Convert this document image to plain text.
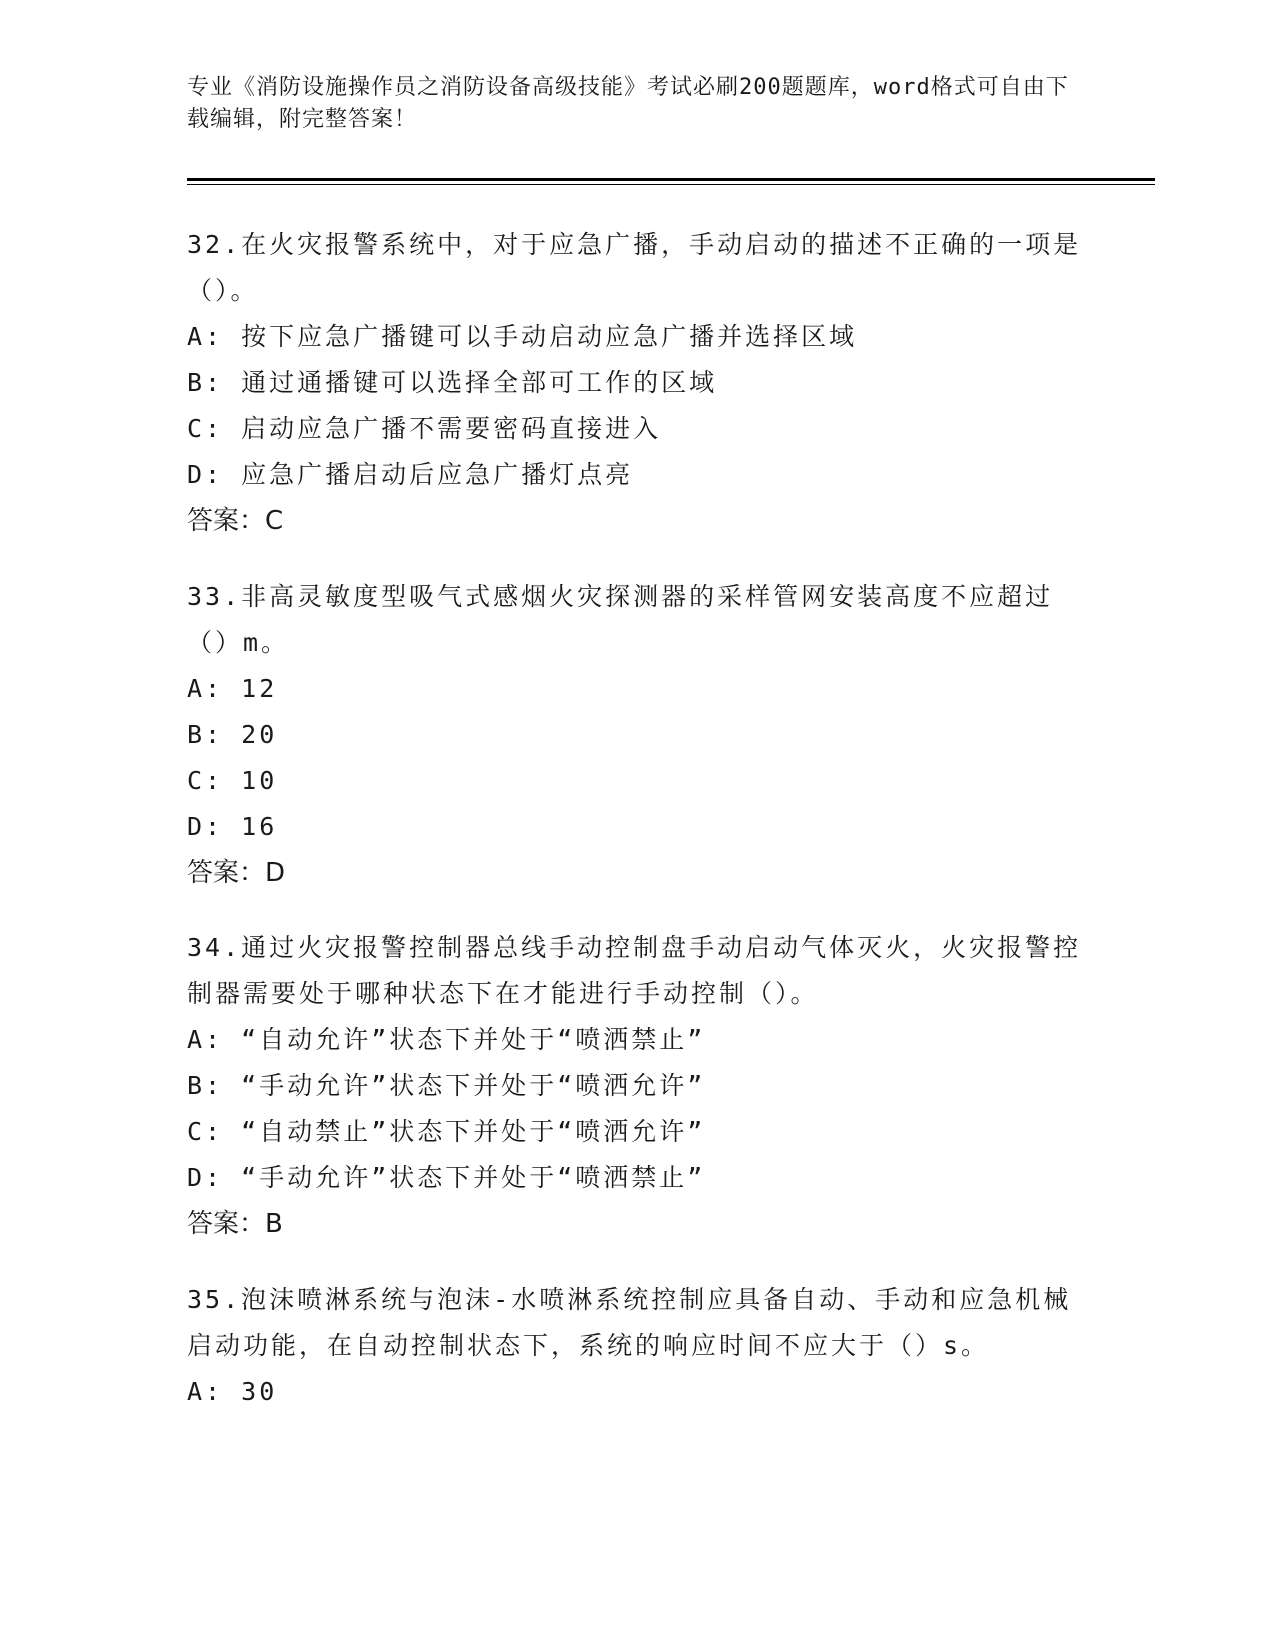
专业《消防设施操作员之消防设备高级技能》考试必刷200题题库，word格式可自由下载编辑，附完整答案！

32.在火灾报警系统中，对于应急广播，手动启动的描述不正确的一项是（）。

A: 按下应急广播键可以手动启动应急广播并选择区域

B: 通过通播键可以选择全部可工作的区域

C: 启动应急广播不需要密码直接进入

D: 应急广播启动后应急广播灯点亮

答案：C

33.非高灵敏度型吸气式感烟火灾探测器的采样管网安装高度不应超过（）m。

A: 12

B: 20

C: 10

D: 16

答案：D

34.通过火灾报警控制器总线手动控制盘手动启动气体灭火，火灾报警控制器需要处于哪种状态下在才能进行手动控制（）。

A: “自动允许”状态下并处于“喷洒禁止”

B: “手动允许”状态下并处于“喷洒允许”

C: “自动禁止”状态下并处于“喷洒允许”

D: “手动允许”状态下并处于“喷洒禁止”

答案：B

35.泡沫喷淋系统与泡沫-水喷淋系统控制应具备自动、手动和应急机械启动功能，在自动控制状态下，系统的响应时间不应大于（）s。

A: 30
